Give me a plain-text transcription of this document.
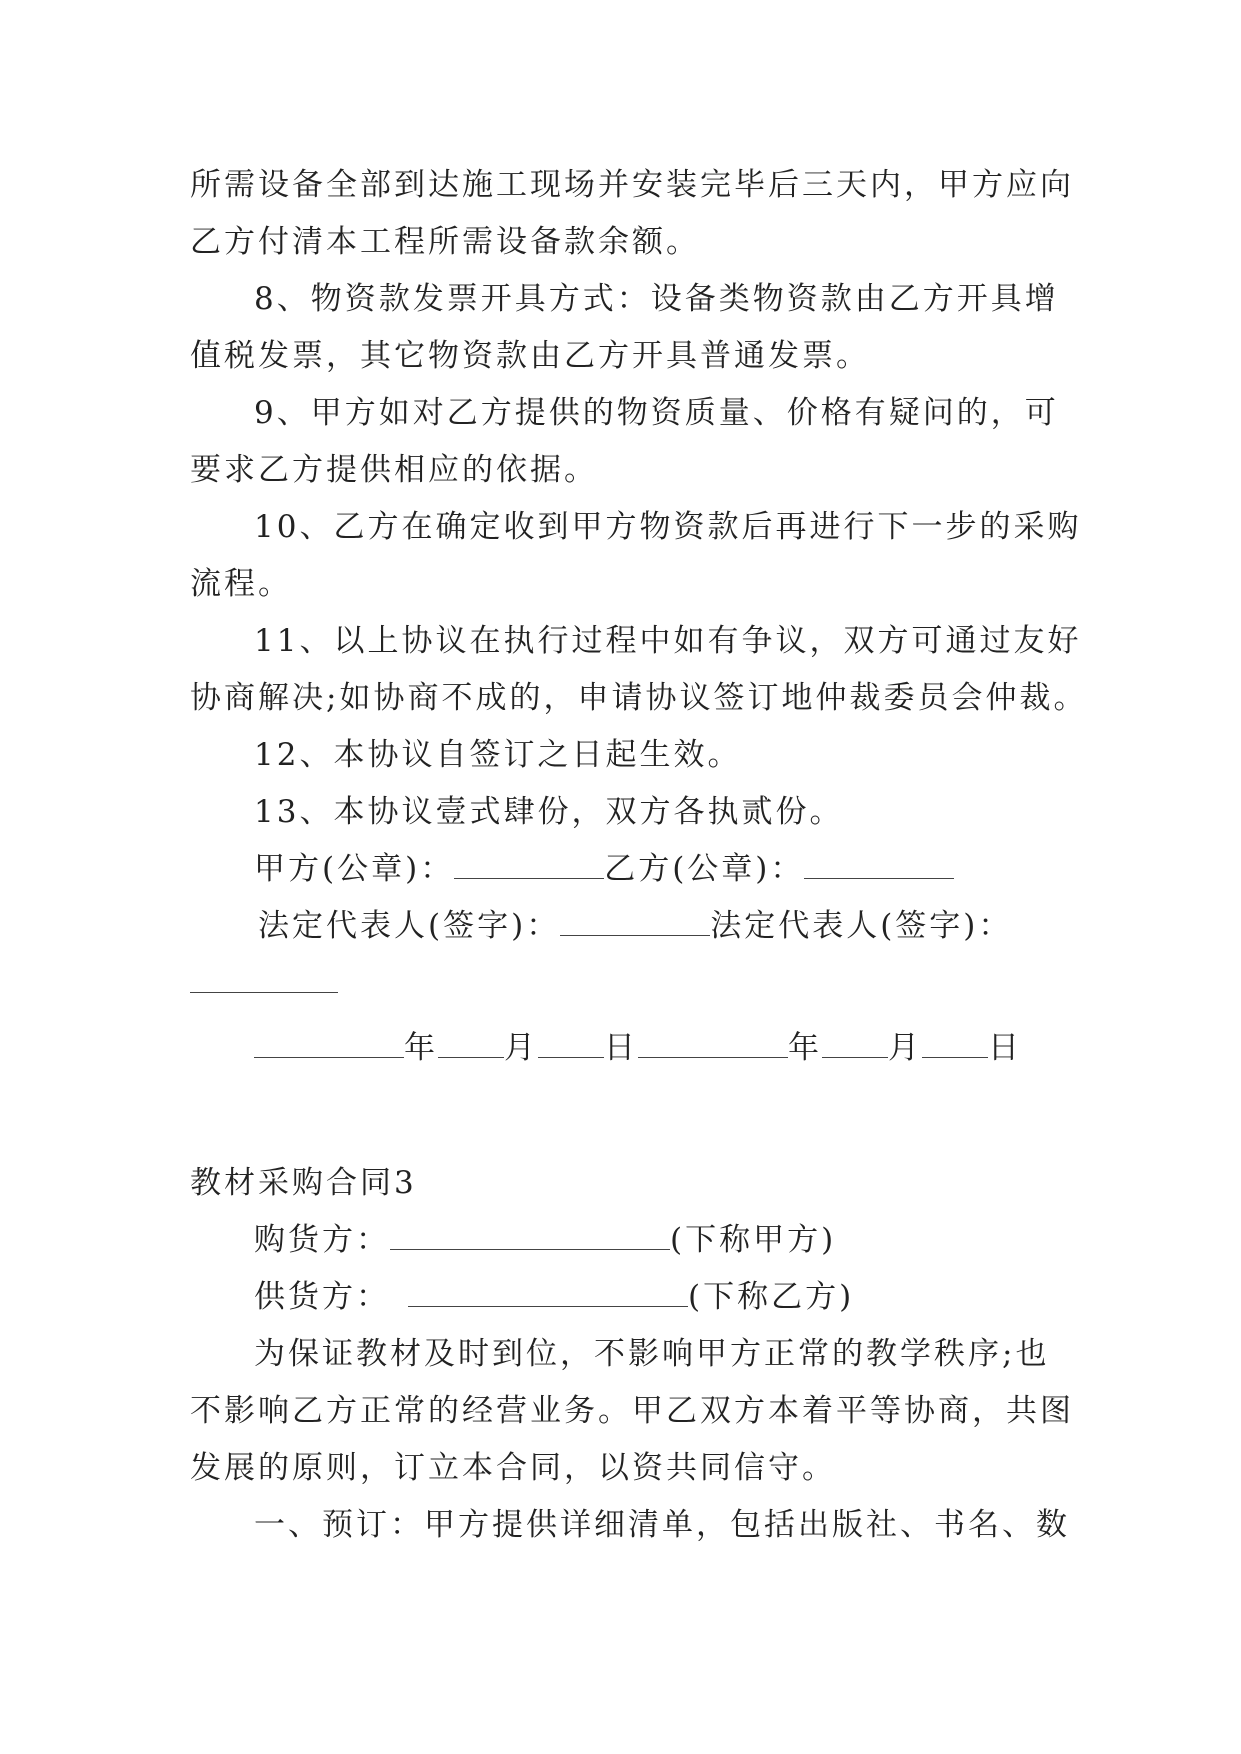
所需设备全部到达施工现场并安装完毕后三天内，甲方应向
乙方付清本工程所需设备款余额。
8、物资款发票开具方式：设备类物资款由乙方开具增
值税发票，其它物资款由乙方开具普通发票。
9、甲方如对乙方提供的物资质量、价格有疑问的，可
要求乙方提供相应的依据。
10、乙方在确定收到甲方物资款后再进行下一步的采购
流程。
11、以上协议在执行过程中如有争议，双方可通过友好
协商解决;如协商不成的，申请协议签订地仲裁委员会仲裁。
12、本协议自签订之日起生效。
13、本协议壹式肆份，双方各执贰份。
甲方(公章)：	乙方(公章)：
法定代表人(签字)：	法定代表人(签字)：
年 月 日	年 月 日
教材采购合同3
购货方：	(下称甲方)
供货方：	(下称乙方)
为保证教材及时到位，不影响甲方正常的教学秩序;也
不影响乙方正常的经营业务。甲乙双方本着平等协商，共图
发展的原则，订立本合同，以资共同信守。
一、预订：甲方提供详细清单，包括出版社、书名、数
